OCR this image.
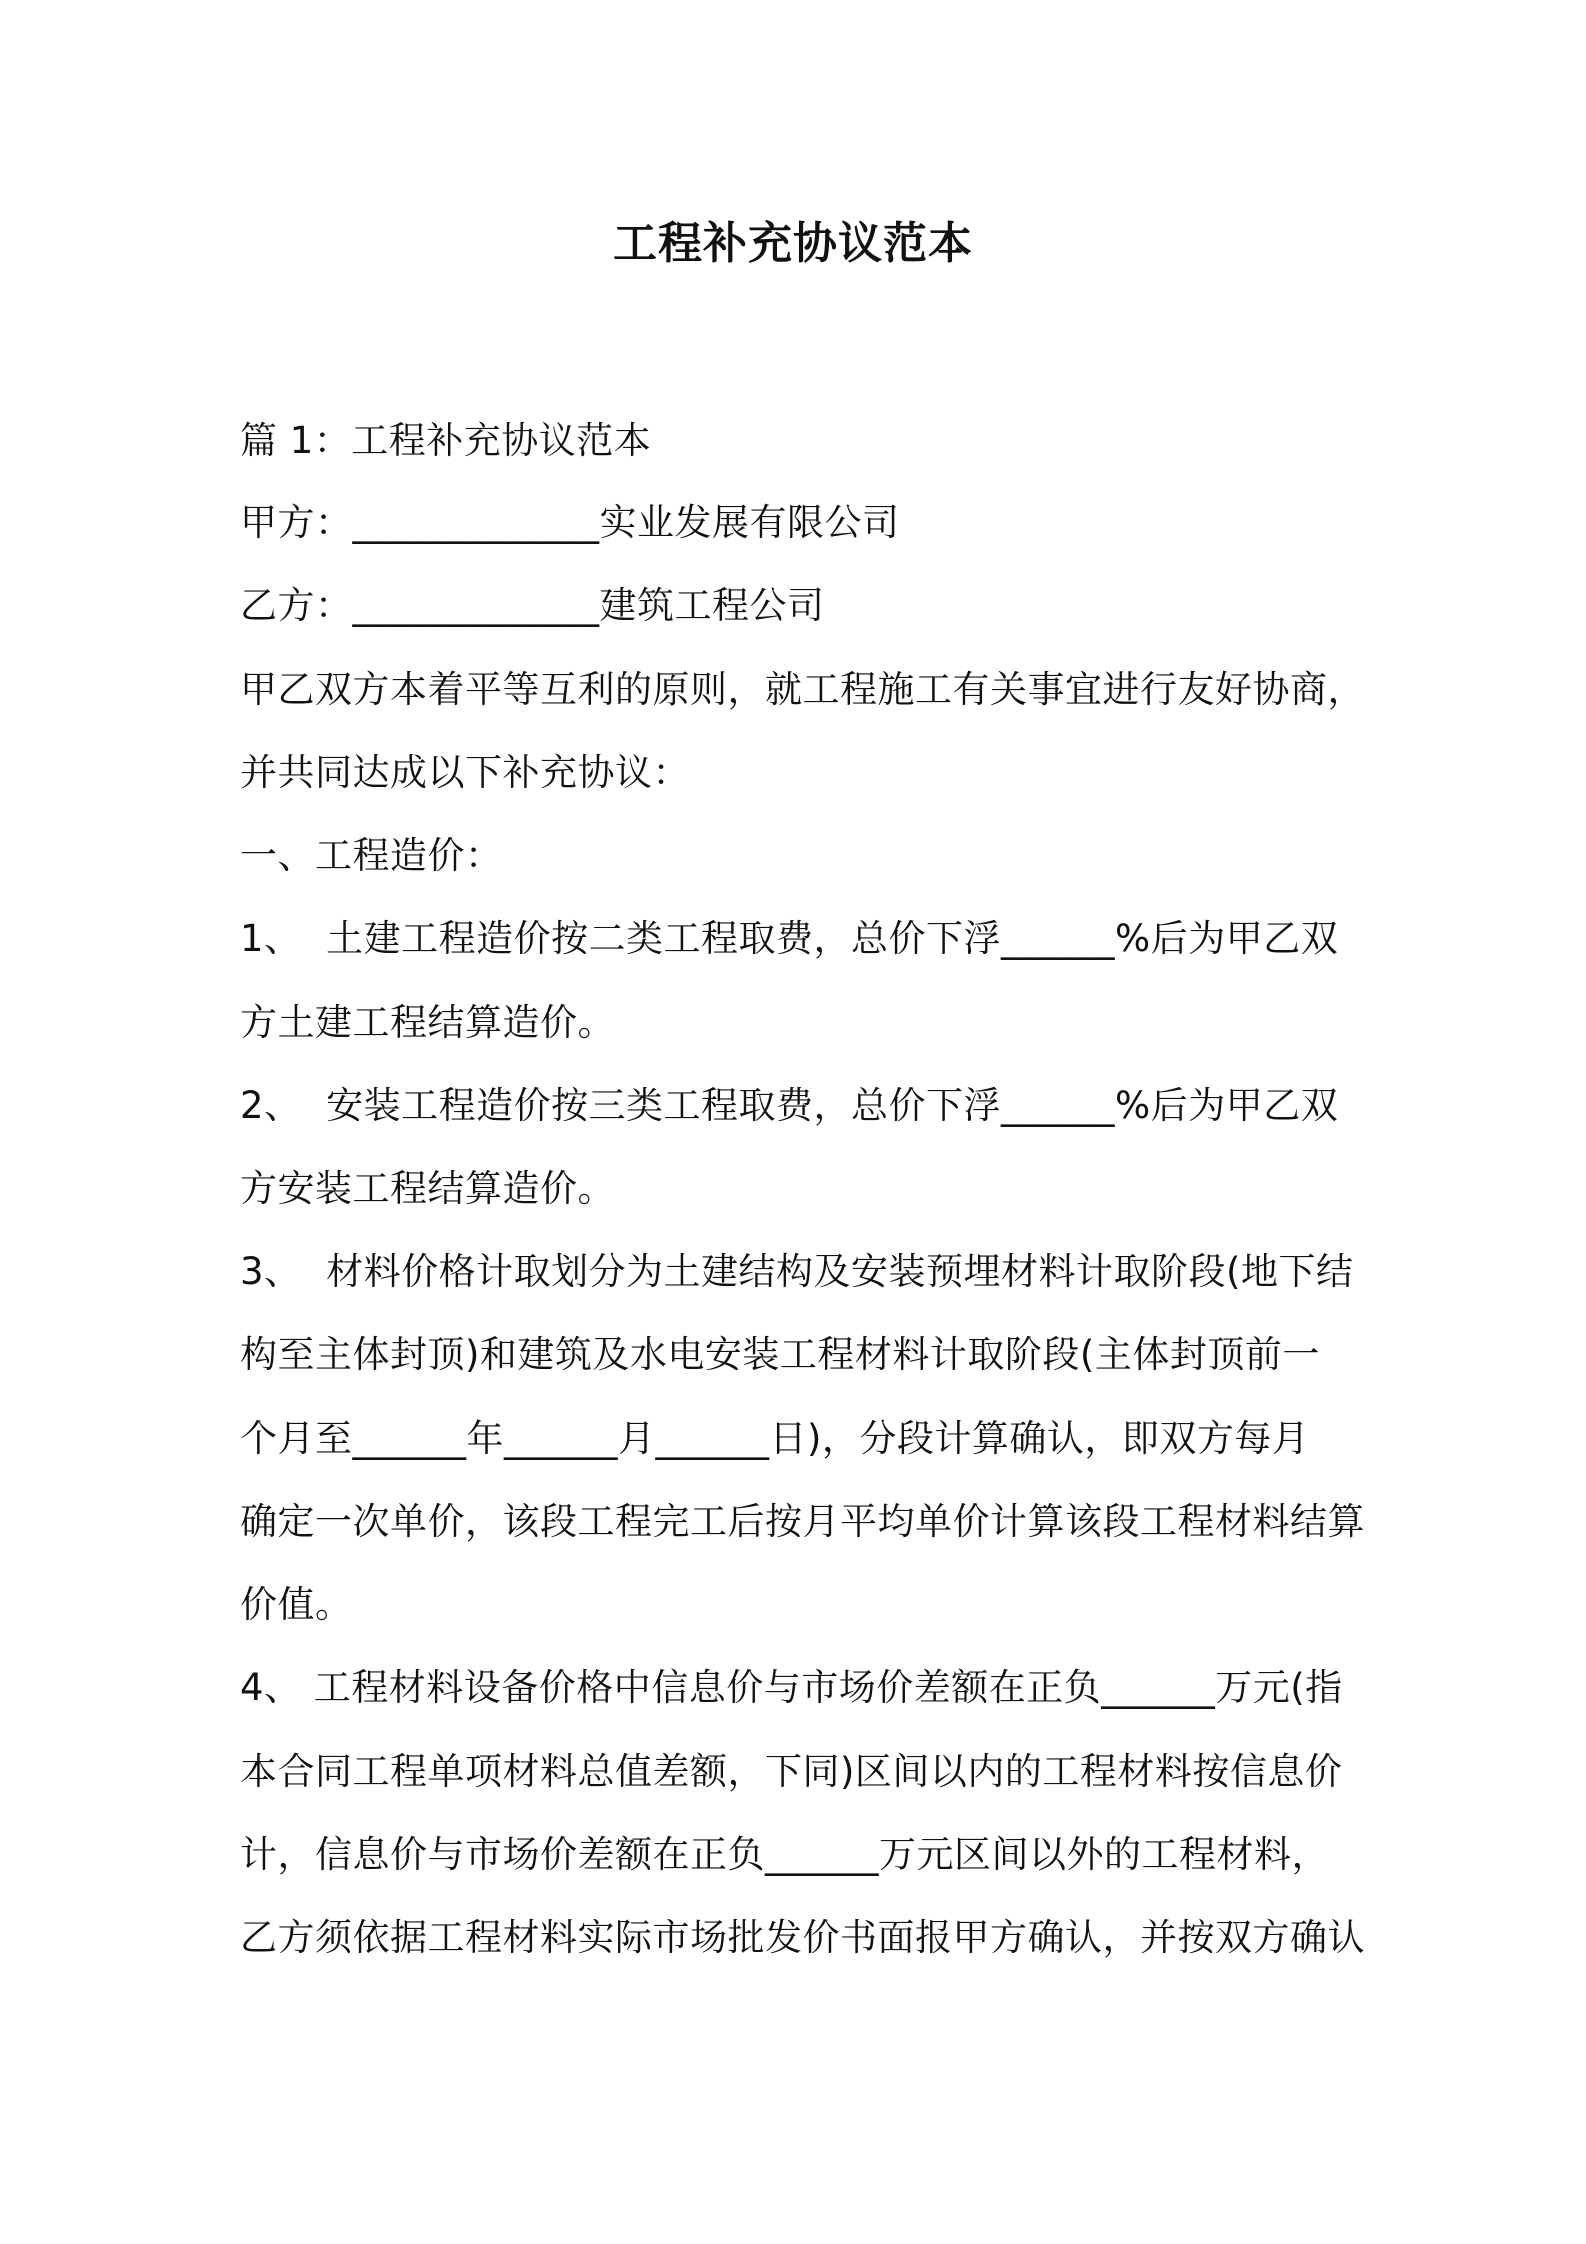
工程补充协议范本
篇 1：工程补充协议范本
甲方：_____________实业发展有限公司
乙方：_____________建筑工程公司
甲乙双方本着平等互利的原则，就工程施工有关事宜进行友好协商，
并共同达成以下补充协议：
一、工程造价：
1、  土建工程造价按二类工程取费，总价下浮______%后为甲乙双
方土建工程结算造价。
2、  安装工程造价按三类工程取费，总价下浮______%后为甲乙双
方安装工程结算造价。
3、  材料价格计取划分为土建结构及安装预埋材料计取阶段(地下结
构至主体封顶)和建筑及水电安装工程材料计取阶段(主体封顶前一
个月至______年______月______日)，分段计算确认，即双方每月
确定一次单价，该段工程完工后按月平均单价计算该段工程材料结算
价值。
4、 工程材料设备价格中信息价与市场价差额在正负______万元(指
本合同工程单项材料总值差额，下同)区间以内的工程材料按信息价
计，信息价与市场价差额在正负______万元区间以外的工程材料，
乙方须依据工程材料实际市场批发价书面报甲方确认，并按双方确认
